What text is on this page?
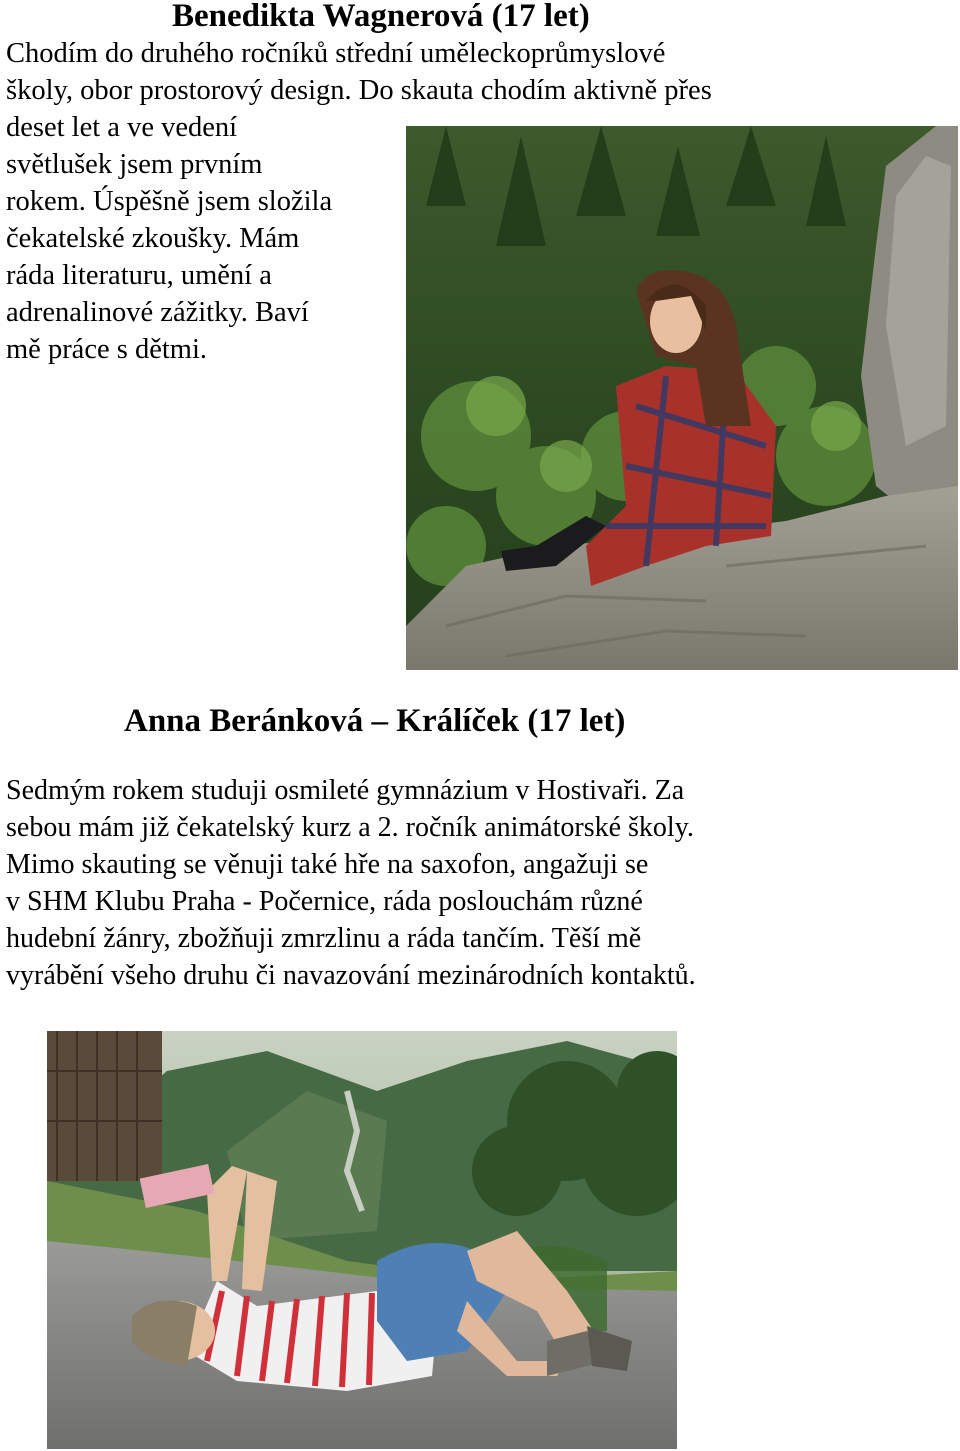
Benedikta Wagnerová (17 let)

Chodím do druhého ročníků střední uměleckoprůmyslové
školy, obor prostorový design. Do skauta chodím aktivně přes
deset let a ve vedení
světlušek jsem prvním
rokem. Úspěšně jsem složila
čekatelské zkoušky. Mám
ráda literaturu, umění a
adrenalinové zážitky. Baví
mě práce s dětmi.

Anna Beránková – Králíček (17 let)

Sedmým rokem studuji osmileté gymnázium v Hostivaři. Za
sebou mám již čekatelský kurz a 2. ročník animátorské školy.
Mimo skauting se věnuji také hře na saxofon, angažuji se
v SHM Klubu Praha - Počernice, ráda poslouchám různé
hudební žánry, zbožňuji zmrzlinu a ráda tančím. Těší mě
vyrábění všeho druhu či navazování mezinárodních kontaktů.
